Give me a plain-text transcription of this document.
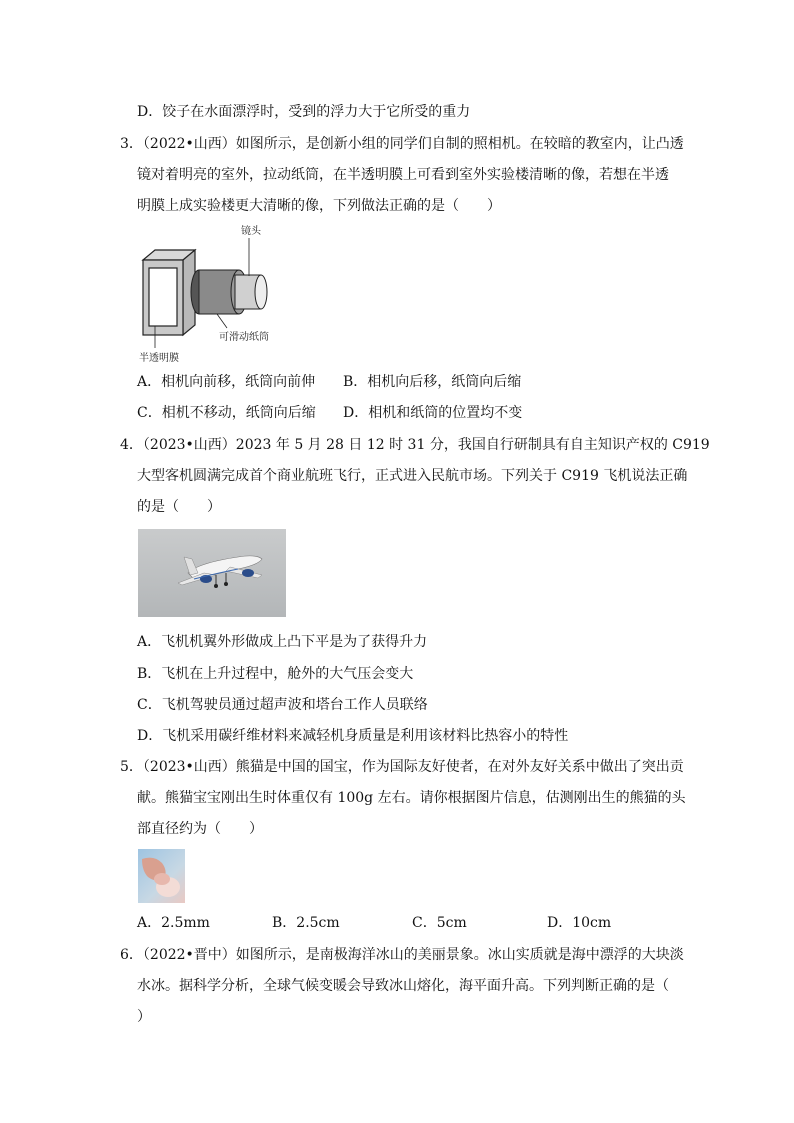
D．饺子在水面漂浮时，受到的浮力大于它所受的重力
3．（2022•山西）如图所示，是创新小组的同学们自制的照相机。在较暗的教室内，让凸透
镜对着明亮的室外，拉动纸筒，在半透明膜上可看到室外实验楼清晰的像，若想在半透
明膜上成实验楼更大清晰的像，下列做法正确的是（　　）
镜头
可滑动纸筒
半透明膜
A．相机向前移，纸筒向前伸 B．相机向后移，纸筒向后缩
C．相机不移动，纸筒向后缩 D．相机和纸筒的位置均不变
4．（2023•山西）2023 年 5 月 28 日 12 时 31 分，我国自行研制具有自主知识产权的 C919
大型客机圆满完成首个商业航班飞行，正式进入民航市场。下列关于 C919 飞机说法正确
的是（　　）
A．飞机机翼外形做成上凸下平是为了获得升力
B．飞机在上升过程中，舱外的大气压会变大
C．飞机驾驶员通过超声波和塔台工作人员联络
D．飞机采用碳纤维材料来减轻机身质量是利用该材料比热容小的特性
5．（2023•山西）熊猫是中国的国宝，作为国际友好使者，在对外友好关系中做出了突出贡
献。熊猫宝宝刚出生时体重仅有 100g 左右。请你根据图片信息，估测刚出生的熊猫的头
部直径约为（　　）
A．2.5mm	B．2.5cm	C．5cm	D．10cm
6．（2022•晋中）如图所示，是南极海洋冰山的美丽景象。冰山实质就是海中漂浮的大块淡
水冰。据科学分析，全球气候变暖会导致冰山熔化，海平面升高。下列判断正确的是（
）
